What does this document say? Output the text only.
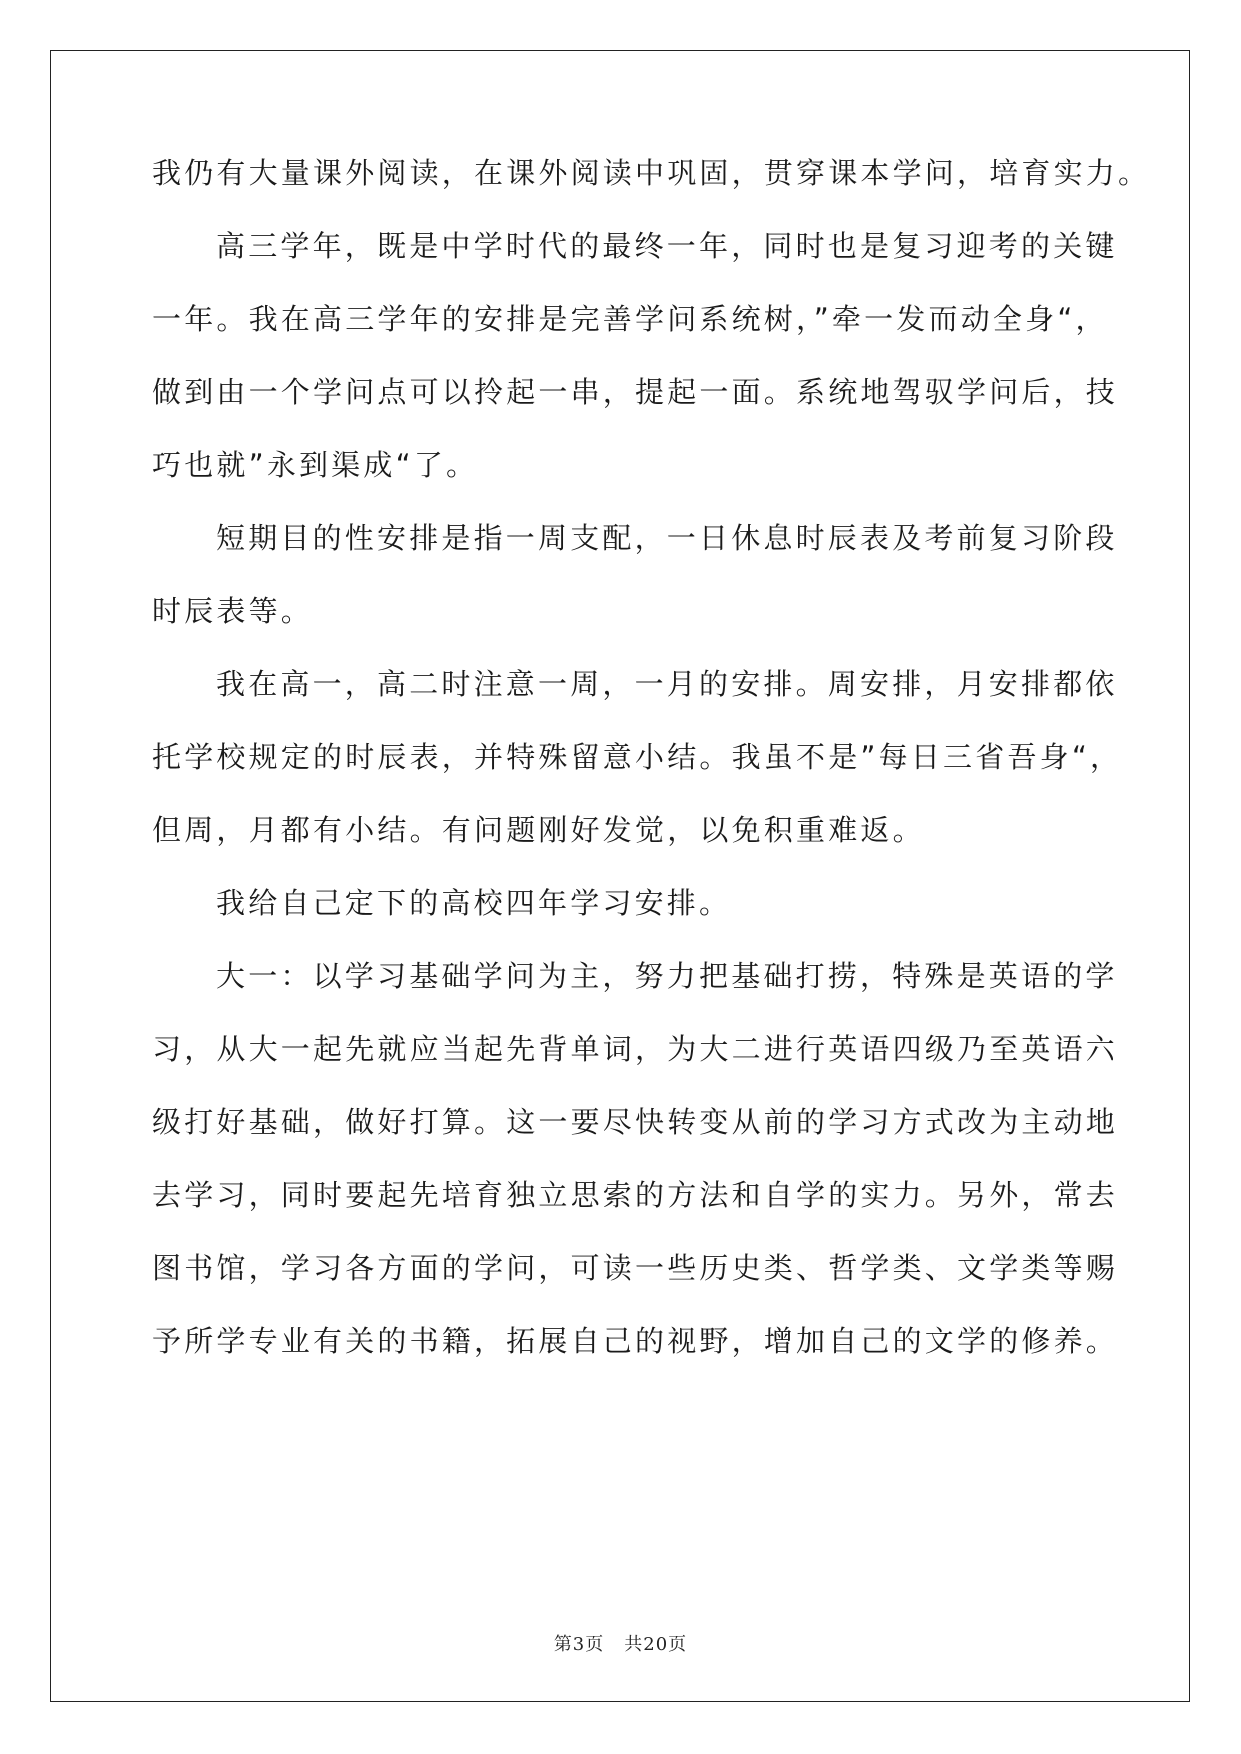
我仍有大量课外阅读，在课外阅读中巩固，贯穿课本学问，培育实力。
高三学年，既是中学时代的最终一年，同时也是复习迎考的关键
一年。我在高三学年的安排是完善学问系统树，”牵一发而动全身“，
做到由一个学问点可以拎起一串，提起一面。系统地驾驭学问后，技
巧也就”永到渠成“了。
短期目的性安排是指一周支配，一日休息时辰表及考前复习阶段
时辰表等。
我在高一，高二时注意一周，一月的安排。周安排，月安排都依
托学校规定的时辰表，并特殊留意小结。我虽不是”每日三省吾身“，
但周，月都有小结。有问题刚好发觉，以免积重难返。
我给自己定下的高校四年学习安排。
大一：以学习基础学问为主，努力把基础打捞，特殊是英语的学
习，从大一起先就应当起先背单词，为大二进行英语四级乃至英语六
级打好基础，做好打算。这一要尽快转变从前的学习方式改为主动地
去学习，同时要起先培育独立思索的方法和自学的实力。另外，常去
图书馆，学习各方面的学问，可读一些历史类、哲学类、文学类等赐
予所学专业有关的书籍，拓展自己的视野，增加自己的文学的修养。
第3页 共20页
